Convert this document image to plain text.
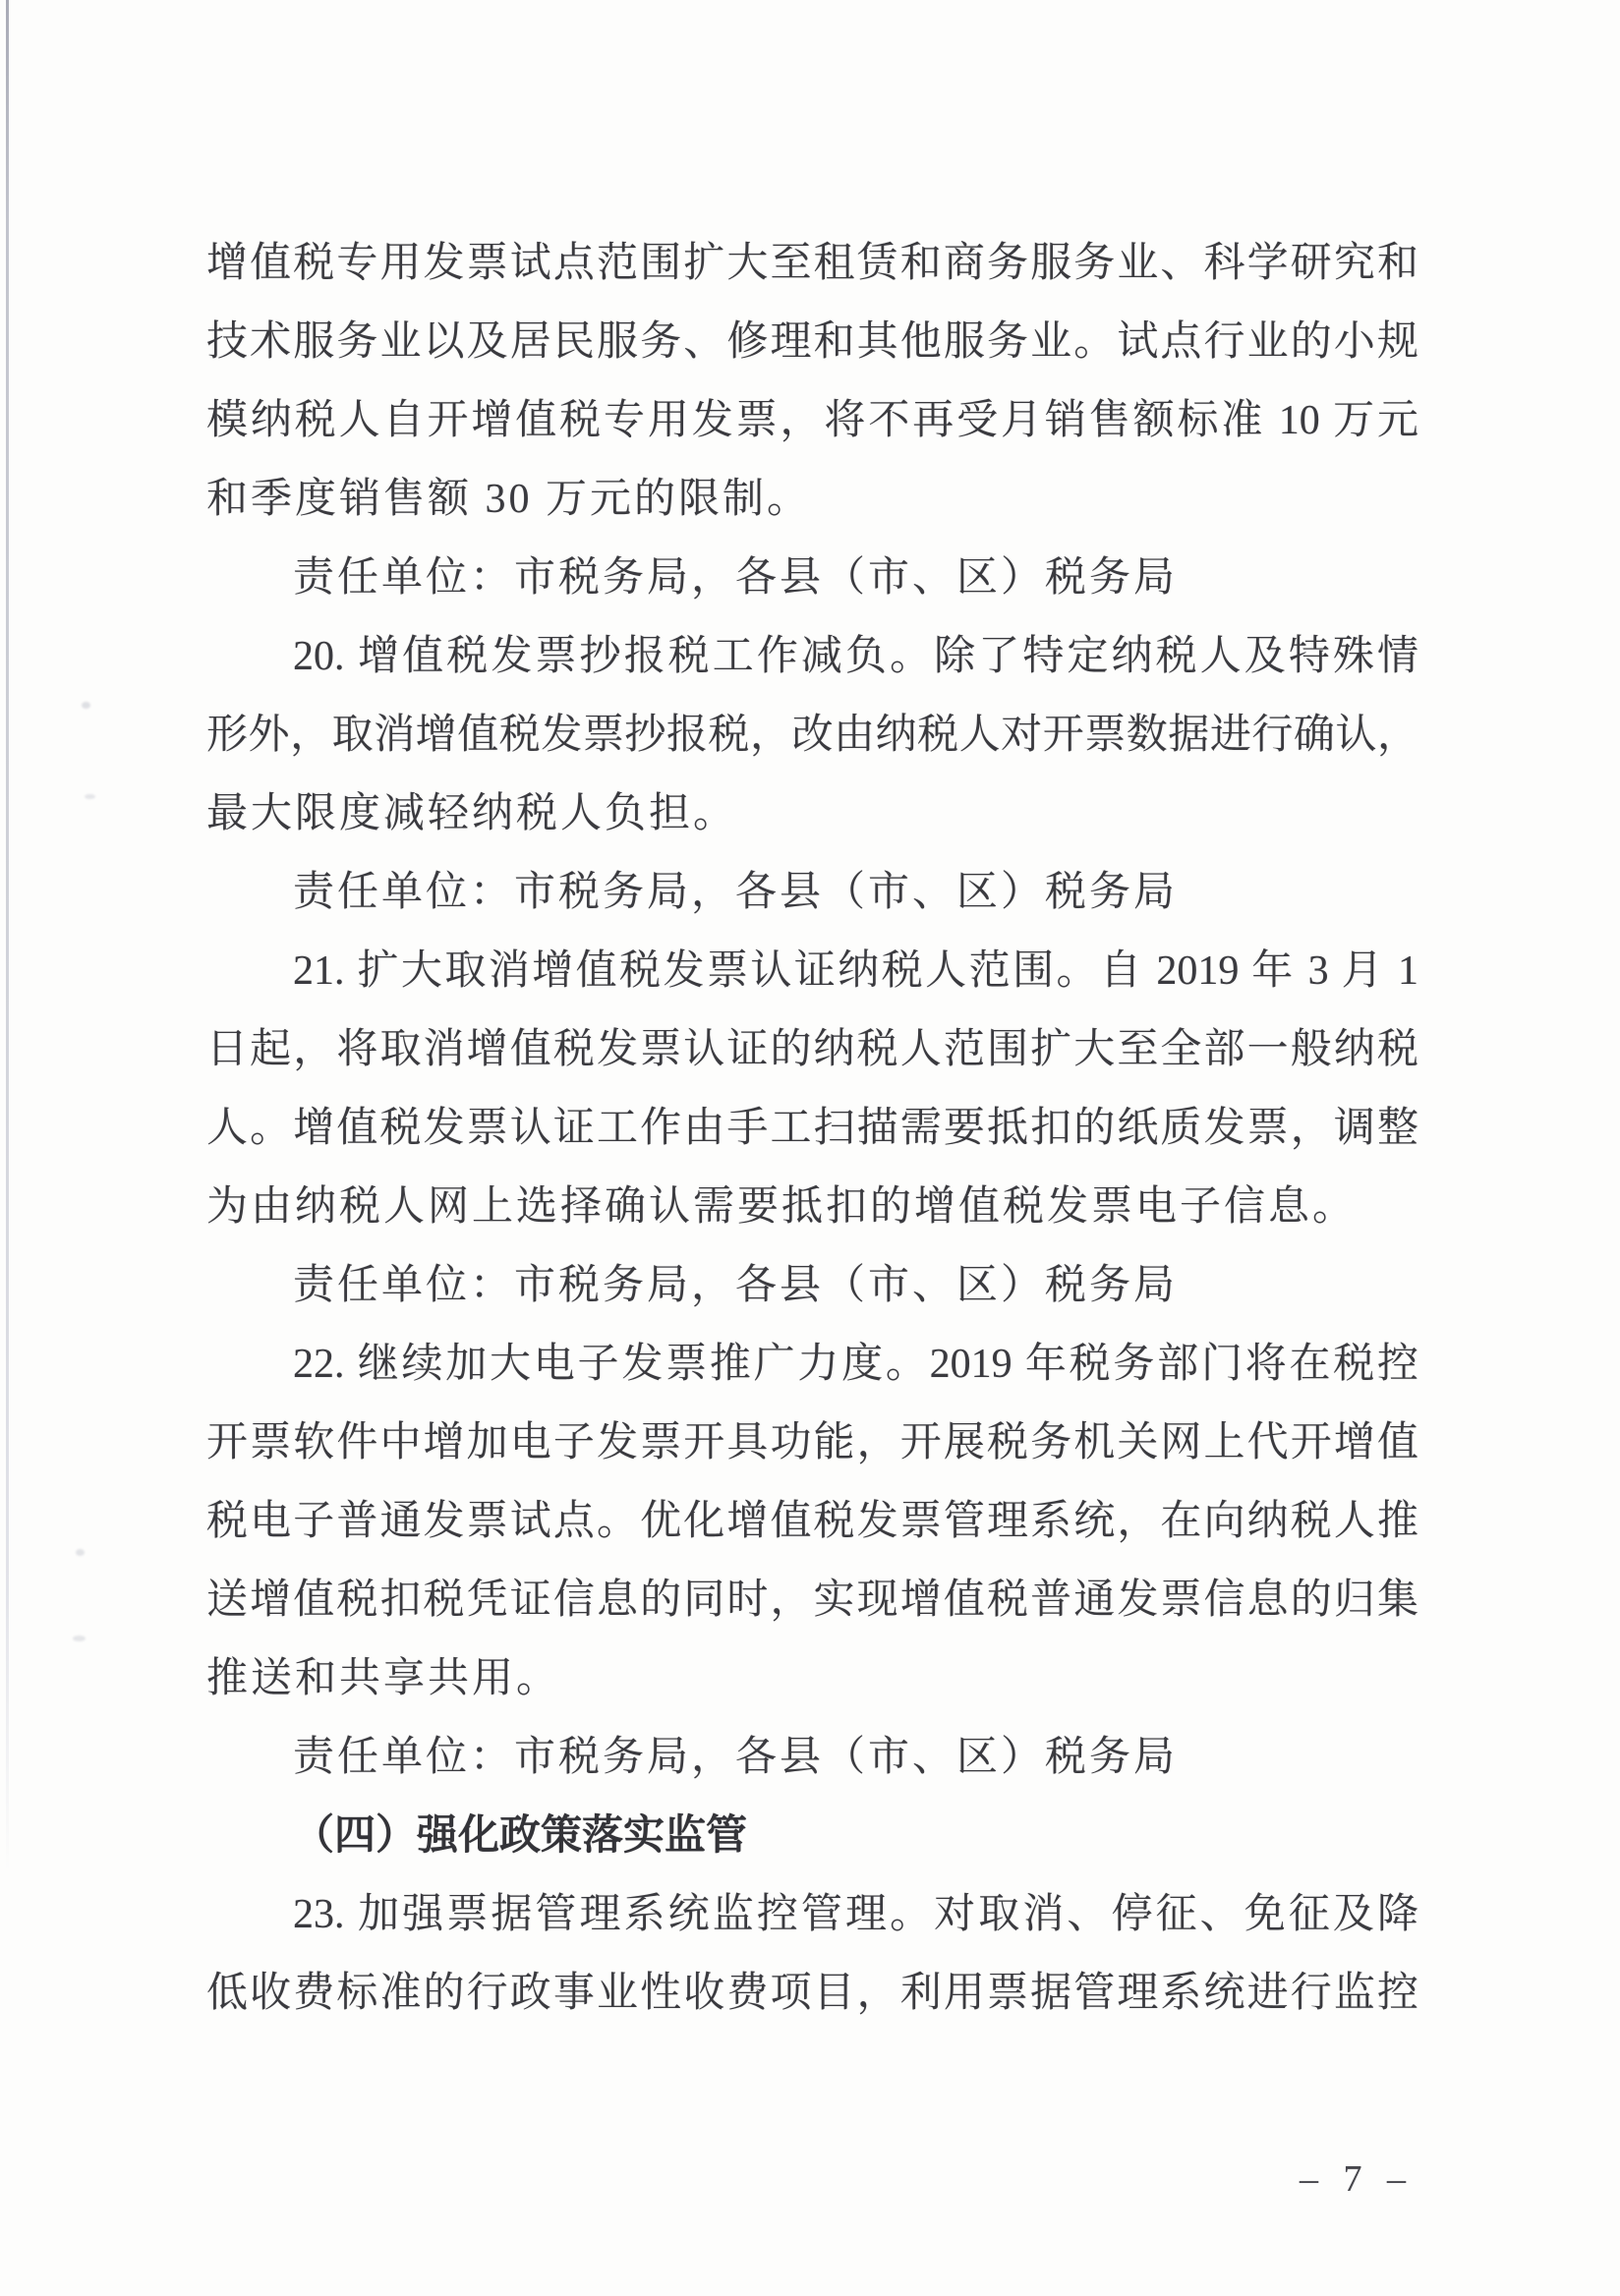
增值税专用发票试点范围扩大至租赁和商务服务业、科学研究和
技术服务业以及居民服务、修理和其他服务业。试点行业的小规
模纳税人自开增值税专用发票，将不再受月销售额标准 10 万元
和季度销售额 30 万元的限制。
责任单位：市税务局，各县（市、区）税务局
20. 增值税发票抄报税工作减负。除了特定纳税人及特殊情
形外，取消增值税发票抄报税，改由纳税人对开票数据进行确认，
最大限度减轻纳税人负担。
责任单位：市税务局，各县（市、区）税务局
21. 扩大取消增值税发票认证纳税人范围。自 2019 年 3 月 1
日起，将取消增值税发票认证的纳税人范围扩大至全部一般纳税
人。增值税发票认证工作由手工扫描需要抵扣的纸质发票，调整
为由纳税人网上选择确认需要抵扣的增值税发票电子信息。
责任单位：市税务局，各县（市、区）税务局
22. 继续加大电子发票推广力度。2019 年税务部门将在税控
开票软件中增加电子发票开具功能，开展税务机关网上代开增值
税电子普通发票试点。优化增值税发票管理系统，在向纳税人推
送增值税扣税凭证信息的同时，实现增值税普通发票信息的归集
推送和共享共用。
责任单位：市税务局，各县（市、区）税务局
（四）强化政策落实监管
23. 加强票据管理系统监控管理。对取消、停征、免征及降
低收费标准的行政事业性收费项目，利用票据管理系统进行监控
– 7 –
